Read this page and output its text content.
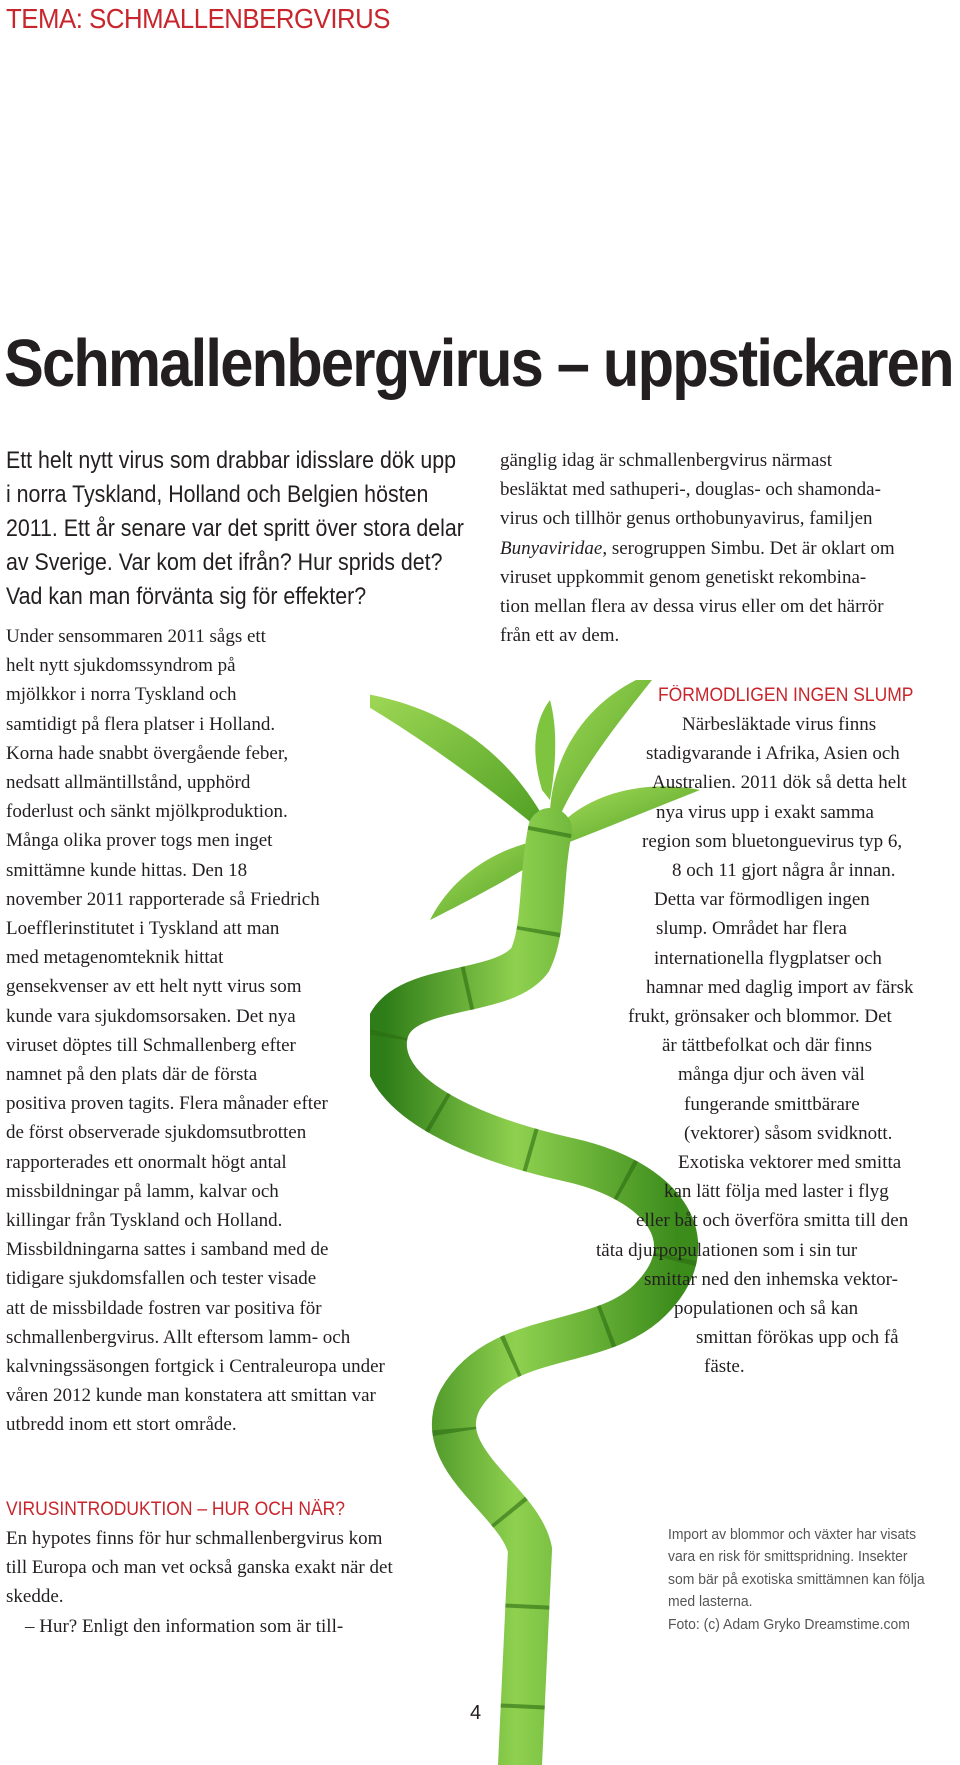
TEMA: SCHMALLENBERGVIRUS
Schmallenbergvirus – uppstickaren
Ett helt nytt virus som drabbar idisslare dök upp
i norra Tyskland, Holland och Belgien hösten
2011. Ett år senare var det spritt över stora delar
av Sverige. Var kom det ifrån? Hur sprids det?
Vad kan man förvänta sig för effekter?
Under sensommaren 2011 sågs ett
helt nytt sjukdomssyndrom på
mjölkkor i norra Tyskland och
samtidigt på flera platser i Holland.
Korna hade snabbt övergående feber,
nedsatt allmäntillstånd, upphörd
foderlust och sänkt mjölkproduktion.
Många olika prover togs men inget
smittämne kunde hittas. Den 18
november 2011 rapporterade så Friedrich
Loefflerinstitutet i Tyskland att man
med metagenomteknik hittat
gensekvenser av ett helt nytt virus som
kunde vara sjukdomsorsaken. Det nya
viruset döptes till Schmallenberg efter
namnet på den plats där de första
positiva proven tagits. Flera månader efter
de först observerade sjukdomsutbrotten
rapporterades ett onormalt högt antal
missbildningar på lamm, kalvar och
killingar från Tyskland och Holland.
Missbildningarna sattes i samband med de
tidigare sjukdomsfallen och tester visade
att de missbildade fostren var positiva för
schmallenbergvirus. Allt eftersom lamm- och
kalvningssäsongen fortgick i Centraleuropa under
våren 2012 kunde man konstatera att smittan var
utbredd inom ett stort område.
gänglig idag är schmallenbergvirus närmast
besläktat med sathuperi-, douglas- och shamonda-
virus och tillhör genus orthobunyavirus, familjen
Bunyaviridae, serogruppen Simbu. Det är oklart om
viruset uppkommit genom genetiskt rekombina-
tion mellan flera av dessa virus eller om det härrör
från ett av dem.
FÖRMODLIGEN INGEN SLUMP
Närbesläktade virus finns
stadigvarande i Afrika, Asien och
Australien. 2011 dök så detta helt
nya virus upp i exakt samma
region som bluetonguevirus typ 6,
8 och 11 gjort några år innan.
Detta var förmodligen ingen
slump. Området har flera
internationella flygplatser och
hamnar med daglig import av färsk
frukt, grönsaker och blommor. Det
är tättbefolkat och där finns
många djur och även väl
fungerande smittbärare
(vektorer) såsom svidknott.
Exotiska vektorer med smitta
kan lätt följa med laster i flyg
eller båt och överföra smitta till den
täta djurpopulationen som i sin tur
smittar ned den inhemska vektor-
populationen och så kan
smittan förökas upp och få
fäste.
VIRUSINTRODUKTION – HUR OCH NÄR?
En hypotes finns för hur schmallenbergvirus kom
till Europa och man vet också ganska exakt när det
skedde.
– Hur? Enligt den information som är till-
Import av blommor och växter har visats
vara en risk för smittspridning. Insekter
som bär på exotiska smittämnen kan följa
med lasterna.
Foto: (c) Adam Gryko Dreamstime.com
4
